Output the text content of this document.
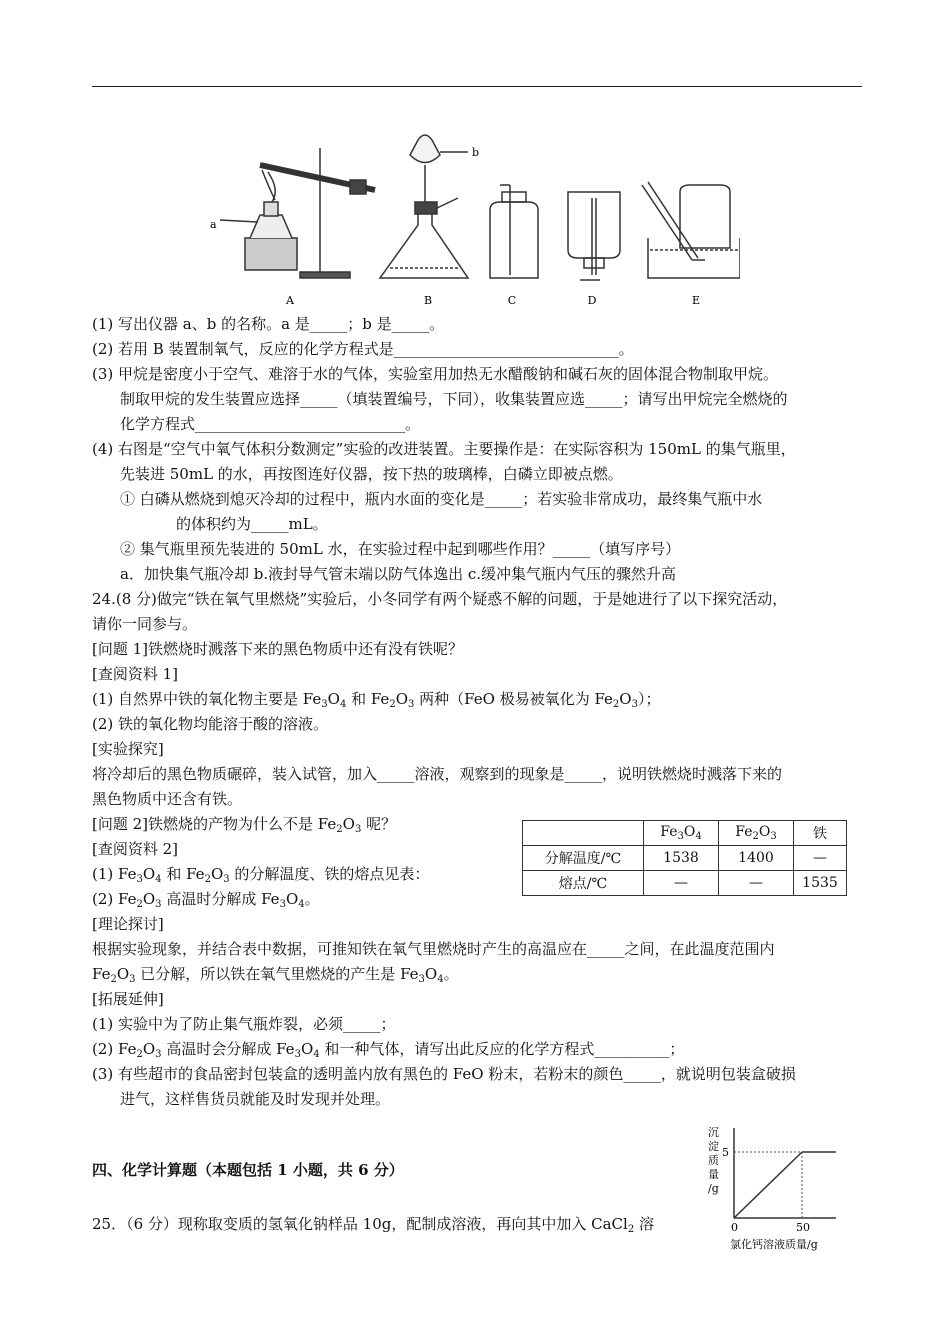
a
b
A	B	C	D	E
(1) 写出仪器 a、b 的名称。a 是_____；b 是_____。
(2) 若用 B 装置制氧气，反应的化学方程式是______________________________。
(3) 甲烷是密度小于空气、难溶于水的气体，实验室用加热无水醋酸钠和碱石灰的固体混合物制取甲烷。
制取甲烷的发生装置应选择_____（填装置编号，下同），收集装置应选_____；请写出甲烷完全燃烧的
化学方程式____________________________。
(4) 右图是“空气中氧气体积分数测定”实验的改进装置。主要操作是：在实际容积为 150mL 的集气瓶里，
先装进 50mL 的水，再按图连好仪器，按下热的玻璃棒，白磷立即被点燃。
① 白磷从燃烧到熄灭冷却的过程中，瓶内水面的变化是_____；若实验非常成功，最终集气瓶中水
的体积约为_____mL。
② 集气瓶里预先装进的 50mL 水，在实验过程中起到哪些作用？_____（填写序号）
a．加快集气瓶冷却 b.液封导气管末端以防气体逸出 c.缓冲集气瓶内气压的骤然升高
24.(8 分)做完“铁在氧气里燃烧”实验后，小冬同学有两个疑惑不解的问题，于是她进行了以下探究活动，
请你一同参与。
[问题 1]铁燃烧时溅落下来的黑色物质中还有没有铁呢？
[查阅资料 1]
(1) 自然界中铁的氧化物主要是 $Fe_3O_4$ 和 $Fe_2O_3$ 两种（FeO 极易被氧化为 $Fe_2O_3$）；
(2) 铁的氧化物均能溶于酸的溶液。
[实验探究]
将冷却后的黑色物质碾碎，装入试管，加入_____溶液，观察到的现象是_____，说明铁燃烧时溅落下来的
黑色物质中还含有铁。
[问题 2]铁燃烧的产物为什么不是 $Fe_2O_3$ 呢？
[查阅资料 2]
(1) $Fe_3O_4$ 和 $Fe_2O_3$ 的分解温度、铁的熔点见表：
(2) $Fe_2O_3$ 高温时分解成 $Fe_3O_4$。
	$Fe_3O_4$	$Fe_2O_3$	铁
分解温度/℃	1538	1400	—
熔点/℃	—	—	1535
[理论探讨]
根据实验现象，并结合表中数据，可推知铁在氧气里燃烧时产生的高温应在_____之间，在此温度范围内
$Fe_2O_3$ 已分解，所以铁在氧气里燃烧的产生是 $Fe_3O_4$。
[拓展延伸]
(1) 实验中为了防止集气瓶炸裂，必须_____；
(2) $Fe_2O_3$ 高温时会分解成 $Fe_3O_4$ 和一种气体，请写出此反应的化学方程式__________；
(3) 有些超市的食品密封包装盒的透明盖内放有黑色的 FeO 粉末，若粉末的颜色_____，就说明包装盒破损
进气，这样售货员就能及时发现并处理。
四、化学计算题（本题包括 1 小题，共 6 分）
25．（6 分）现称取变质的氢氧化钠样品 10g，配制成溶液，再向其中加入 CaCl$_2$ 溶
沉
淀
质
量
/g
5
0	50
氯化钙溶液质量/g
